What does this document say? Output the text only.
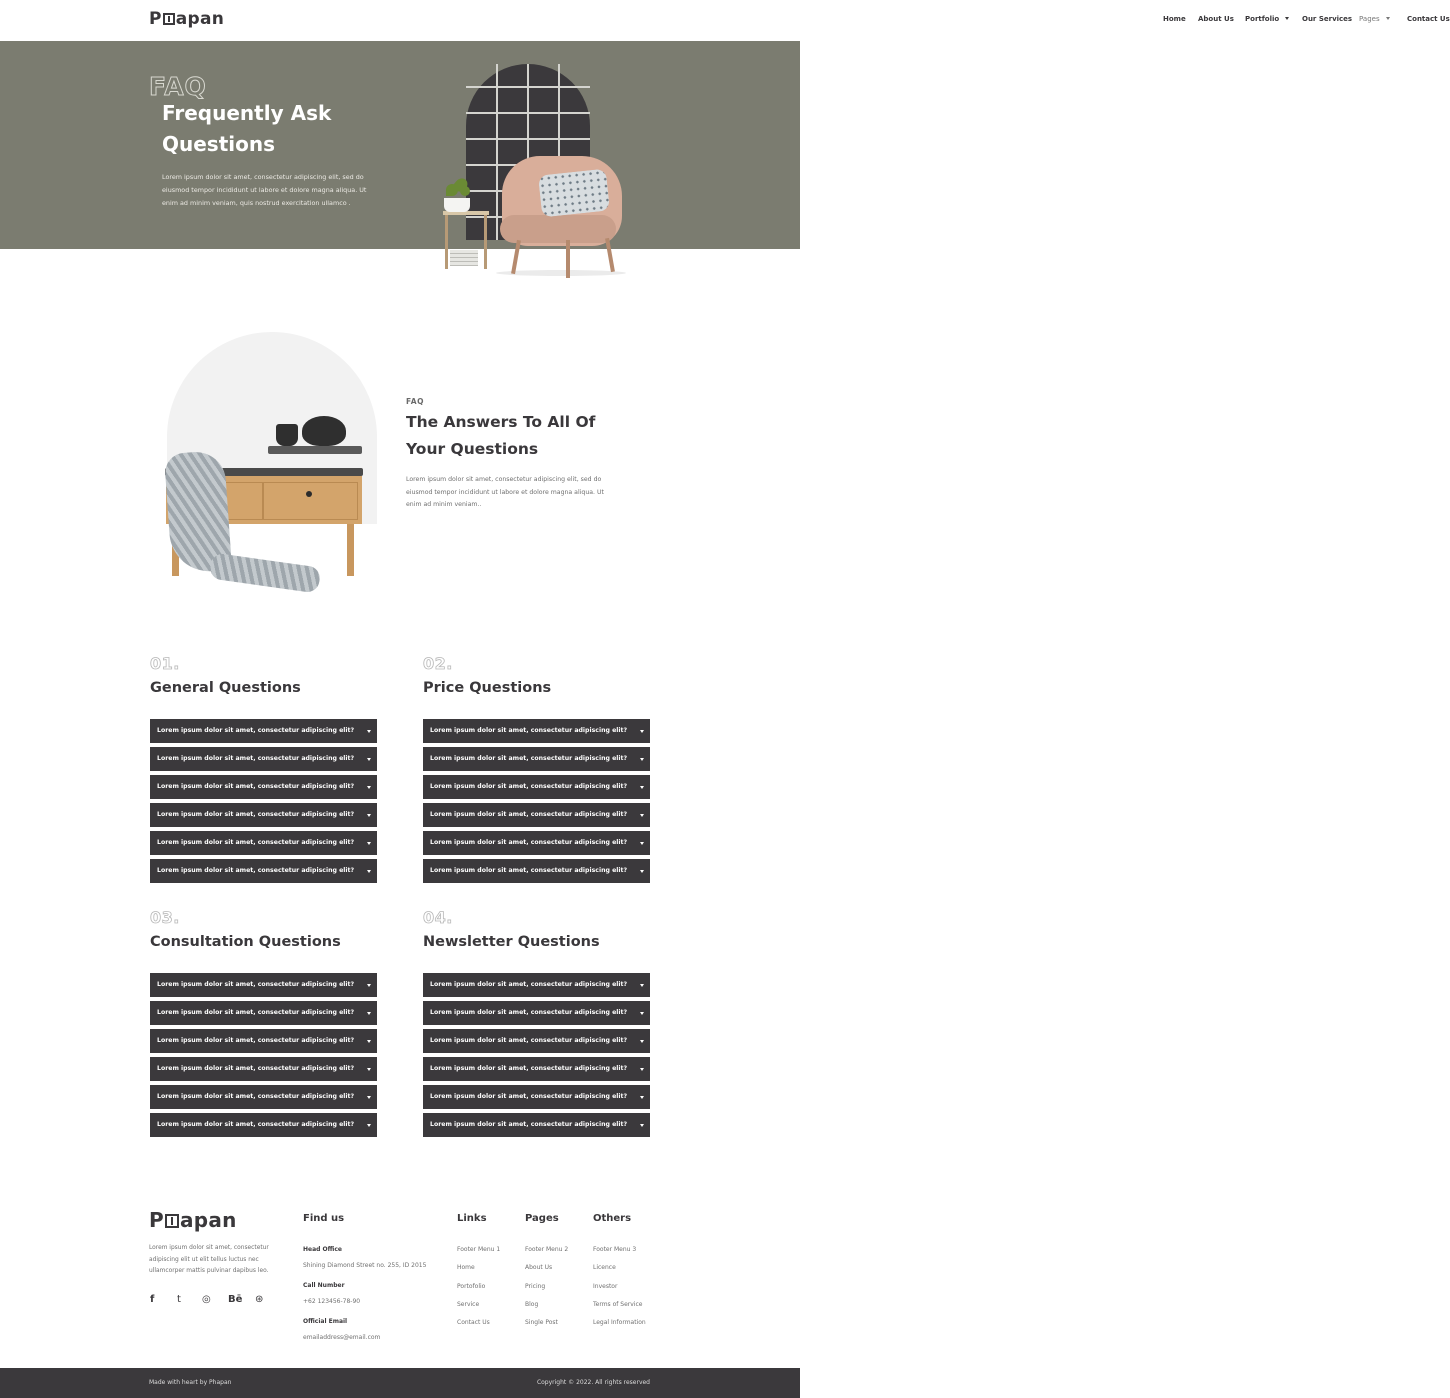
P apan	Home About Us Portfolio	Our Services Pages	Contact Us
FAQ
Frequently Ask Questions
Lorem ipsum dolor sit amet, consectetur adipiscing elit, sed do eiusmod tempor incididunt ut labore et dolore magna aliqua. Ut enim ad minim veniam, quis nostrud exercitation ullamco .
FAQ
The Answers To All Of Your Questions
Lorem ipsum dolor sit amet, consectetur adipiscing elit, sed do eiusmod tempor incididunt ut labore et dolore magna aliqua. Ut enim ad minim veniam..
01.
General Questions
Lorem ipsum dolor sit amet, consectetur adipiscing elit?
Lorem ipsum dolor sit amet, consectetur adipiscing elit?
Lorem ipsum dolor sit amet, consectetur adipiscing elit?
Lorem ipsum dolor sit amet, consectetur adipiscing elit?
Lorem ipsum dolor sit amet, consectetur adipiscing elit?
Lorem ipsum dolor sit amet, consectetur adipiscing elit?
02.
Price Questions
Lorem ipsum dolor sit amet, consectetur adipiscing elit?
Lorem ipsum dolor sit amet, consectetur adipiscing elit?
Lorem ipsum dolor sit amet, consectetur adipiscing elit?
Lorem ipsum dolor sit amet, consectetur adipiscing elit?
Lorem ipsum dolor sit amet, consectetur adipiscing elit?
Lorem ipsum dolor sit amet, consectetur adipiscing elit?
03.
Consultation Questions
Lorem ipsum dolor sit amet, consectetur adipiscing elit?
Lorem ipsum dolor sit amet, consectetur adipiscing elit?
Lorem ipsum dolor sit amet, consectetur adipiscing elit?
Lorem ipsum dolor sit amet, consectetur adipiscing elit?
Lorem ipsum dolor sit amet, consectetur adipiscing elit?
Lorem ipsum dolor sit amet, consectetur adipiscing elit?
04.
Newsletter Questions
Lorem ipsum dolor sit amet, consectetur adipiscing elit?
Lorem ipsum dolor sit amet, consectetur adipiscing elit?
Lorem ipsum dolor sit amet, consectetur adipiscing elit?
Lorem ipsum dolor sit amet, consectetur adipiscing elit?
Lorem ipsum dolor sit amet, consectetur adipiscing elit?
Lorem ipsum dolor sit amet, consectetur adipiscing elit?
P apan
Lorem ipsum dolor sit amet, consectetur adipiscing elit ut elit tellus luctus nec ullamcorper mattis pulvinar dapibus leo.
f t ◎ Bē ⊛
Find us
Head Office
Shining Diamond Street no. 255, ID 2015
Call Number
+62 123456-78-90
Official Email
emailaddress@email.com
Links
Footer Menu 1
Home
Portofolio
Service
Contact Us
Pages
Footer Menu 2
About Us
Pricing
Blog
Single Post
Others
Footer Menu 3
Licence
Investor
Terms of Service
Legal Information
Made with heart by Phapan	Copyright © 2022. All rights reserved
